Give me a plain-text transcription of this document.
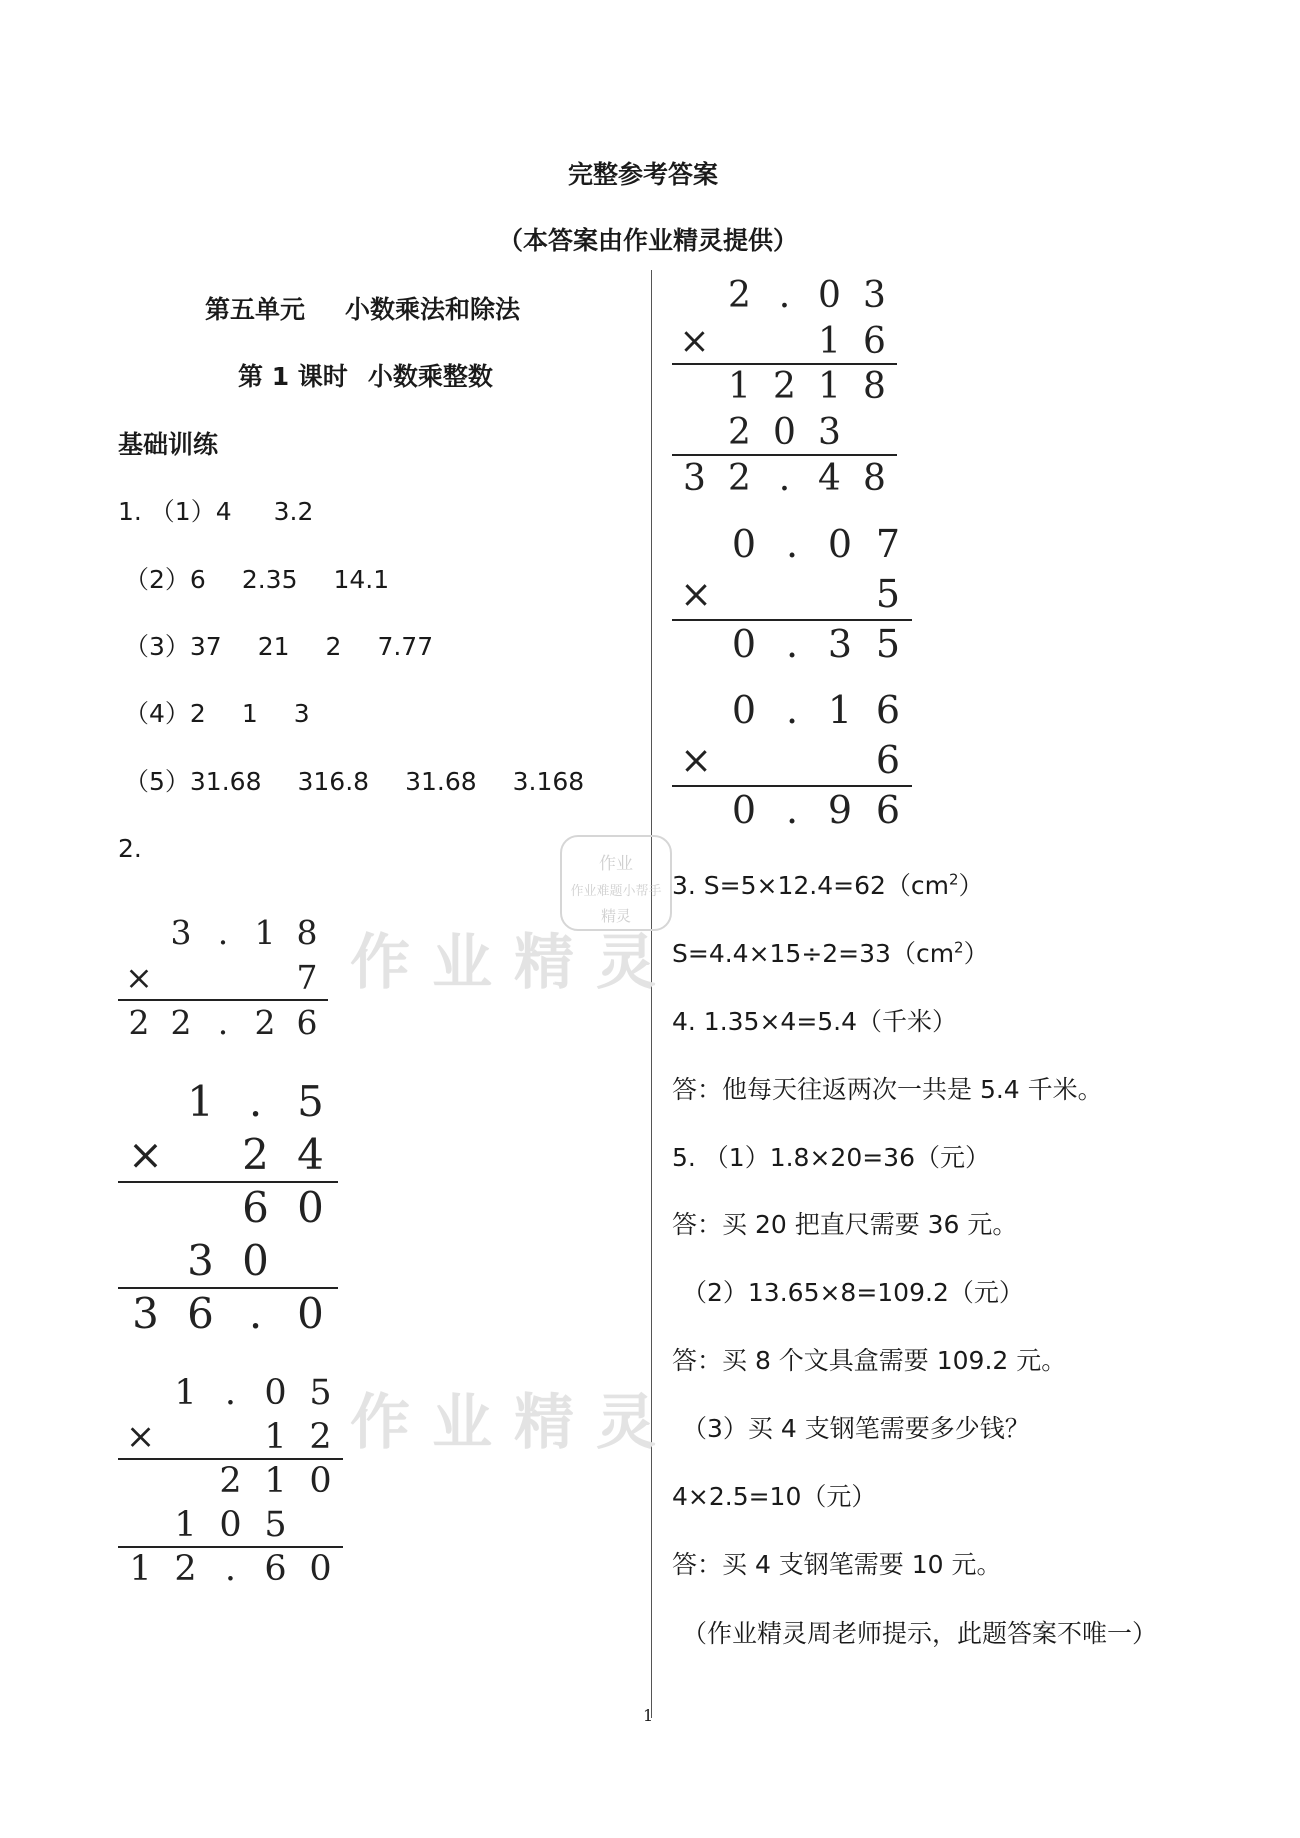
完整参考答案
（本答案由作业精灵提供）
第五单元 小数乘法和除法
第 1 课时 小数乘整数
基础训练
1. （1）4 3.2
（2）6 2.35 14.1
（3）37 21 2 7.77
（4）2 1 3
（5）31.68 316.8 31.68 3.168
2.
作业精灵
作业精灵
作业
作业难题小帮手
精灵
3 . 1 8
×	7
2 2 . 2 6
1 . 5
×	2 4
6 0
3 0
3 6 . 0
1 . 0 5
×	1 2
2 1 0
1 0 5
1 2 . 6 0
2 . 0 3
×	1 6
1 2 1 8
2 0 3
3 2 . 4 8
0 . 0 7
×	5
0 . 3 5
0 . 1 6
×	6
0 . 9 6
3. $S=5\times 12.4=62(cm^2)$
$S=4.4\times 15\div 2=33(cm^2)$
4. 1.35×4=5.4（千米）
答：他每天往返两次一共是 5.4 千米。
5. （1）1.8×20=36（元）
答：买 20 把直尺需要 36 元。
（2）13.65×8=109.2（元）
答：买 8 个文具盒需要 109.2 元。
（3）买 4 支钢笔需要多少钱？
4×2.5=10（元）
答：买 4 支钢笔需要 10 元。
（作业精灵周老师提示，此题答案不唯一）
1
